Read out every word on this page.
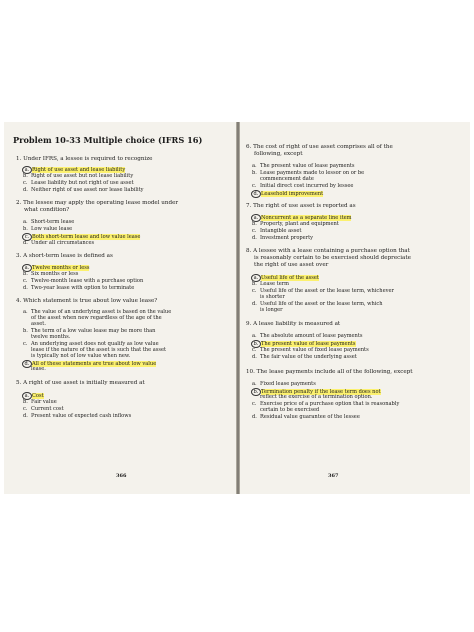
Problem 10-33 Multiple choice (IFRS 16)
1. Under IFRS, a lessee is required to recognize
a. Right of use asset and lease liability
b. Right of use asset but not lease liability
c. Lease liability but not right of use asset
d. Neither right of use asset nor lease liability
2. The lessee may apply the operating lease model under
what condition?
a. Short-term lease
b. Low value lease
c. Both short-term lease and low value lease
d. Under all circumstances
3. A short-term lease is defined as
a. Twelve months or less
b. Six months or less
c. Twelve-month lease with a purchase option
d. Two-year lease with option to terminate
4. Which statement is true about low value lease?
a. The value of an underlying asset is based on the value
of the asset when new regardless of the age of the
asset.
b. The term of a low value lease may be more than
twelve months.
c. An underlying asset does not qualify as low value
lease if the nature of the asset is such that the asset
is typically not of low value when new.
d. All of these statements are true about low value
lease.
5. A right of use asset is initially measured at
a. Cost
b. Fair value
c. Current cost
d. Present value of expected cash inflows
366
6. The cost of right of use asset comprises all of the
following, except
a. The present value of lease payments
b. Lease payments made to lessor on or be
commencement date
c. Initial direct cost incurred by lessee
d. Leasehold improvement
7. The right of use asset is reported as
a. Noncurrent as a separate line item
b. Property, plant and equipment
c. Intangible asset
d. Investment property
8. A lessee with a lease containing a purchase option that
is reasonably certain to be exercised should depreciate
the right of use asset over
a. Useful life of the asset
b. Lease term
c. Useful life of the asset or the lease term, whichever
is shorter
d. Useful life of the asset or the lease term, which
is longer
9. A lease liability is measured at
a. The absolute amount of lease payments
b. The present value of lease payments
c. The present value of fixed lease payments
d. The fair value of the underlying asset
10. The lease payments include all of the following, except
a. Fixed lease payments
b. Termination penalty if the lease term does not
reflect the exercise of a termination option.
c. Exercise price of a purchase option that is reasonably
certain to be exercised
d. Residual value guarantee of the lessee
367
